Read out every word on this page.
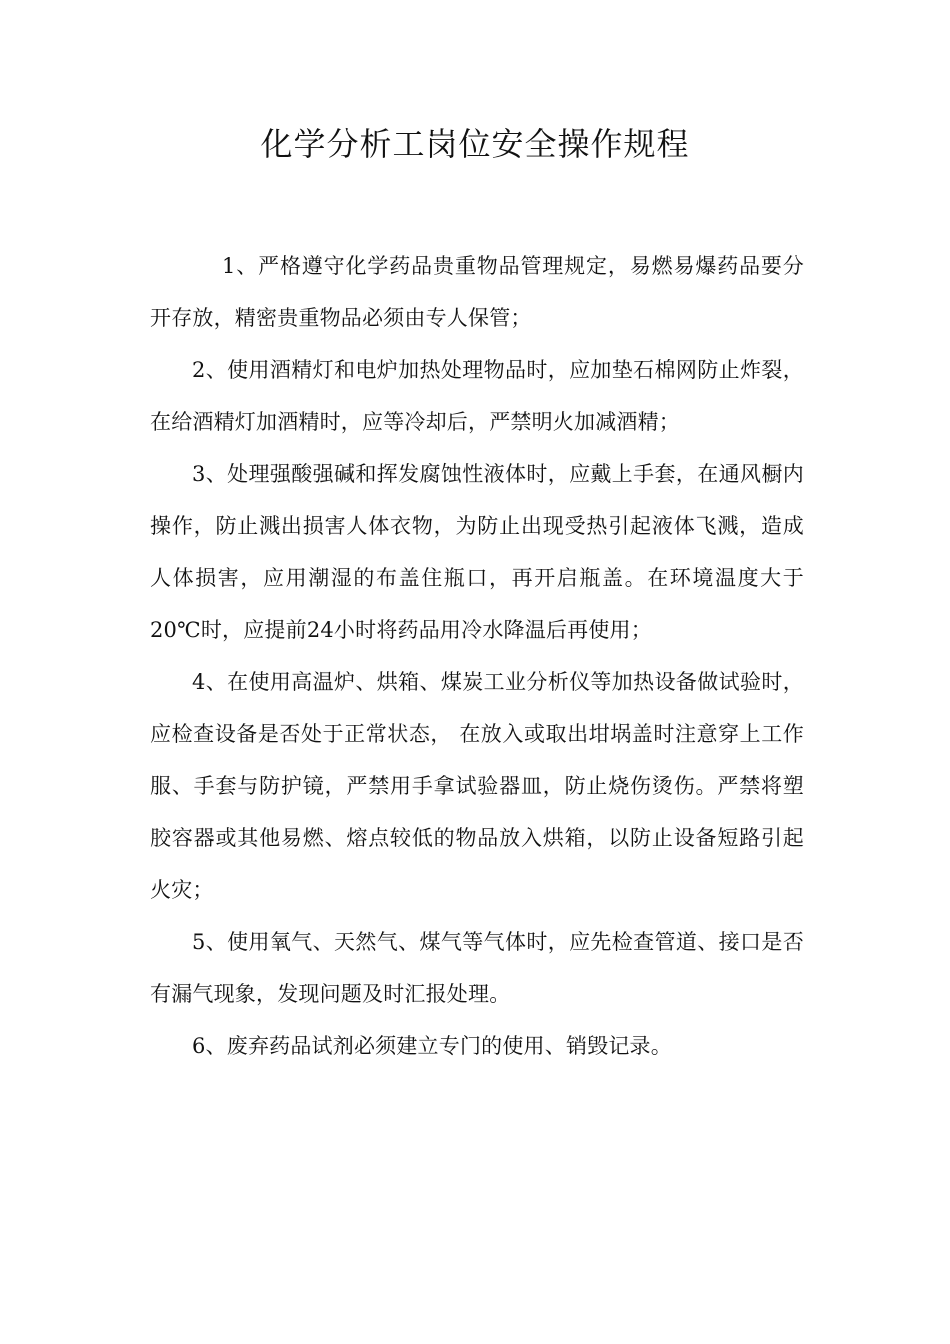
化学分析工岗位安全操作规程

1、严格遵守化学药品贵重物品管理规定，易燃易爆药品要分开存放，精密贵重物品必须由专人保管；

2、使用酒精灯和电炉加热处理物品时，应加垫石棉网防止炸裂，在给酒精灯加酒精时，应等冷却后，严禁明火加减酒精；

3、处理强酸强碱和挥发腐蚀性液体时，应戴上手套，在通风橱内操作，防止溅出损害人体衣物，为防止出现受热引起液体飞溅，造成人体损害，应用潮湿的布盖住瓶口，再开启瓶盖。在环境温度大于20℃时，应提前24小时将药品用冷水降温后再使用；

4、在使用高温炉、烘箱、煤炭工业分析仪等加热设备做试验时，应检查设备是否处于正常状态， 在放入或取出坩埚盖时注意穿上工作服、手套与防护镜，严禁用手拿试验器皿，防止烧伤烫伤。严禁将塑胶容器或其他易燃、熔点较低的物品放入烘箱，以防止设备短路引起火灾；

5、使用氧气、天然气、煤气等气体时，应先检查管道、接口是否有漏气现象，发现问题及时汇报处理。

6、废弃药品试剂必须建立专门的使用、销毁记录。
